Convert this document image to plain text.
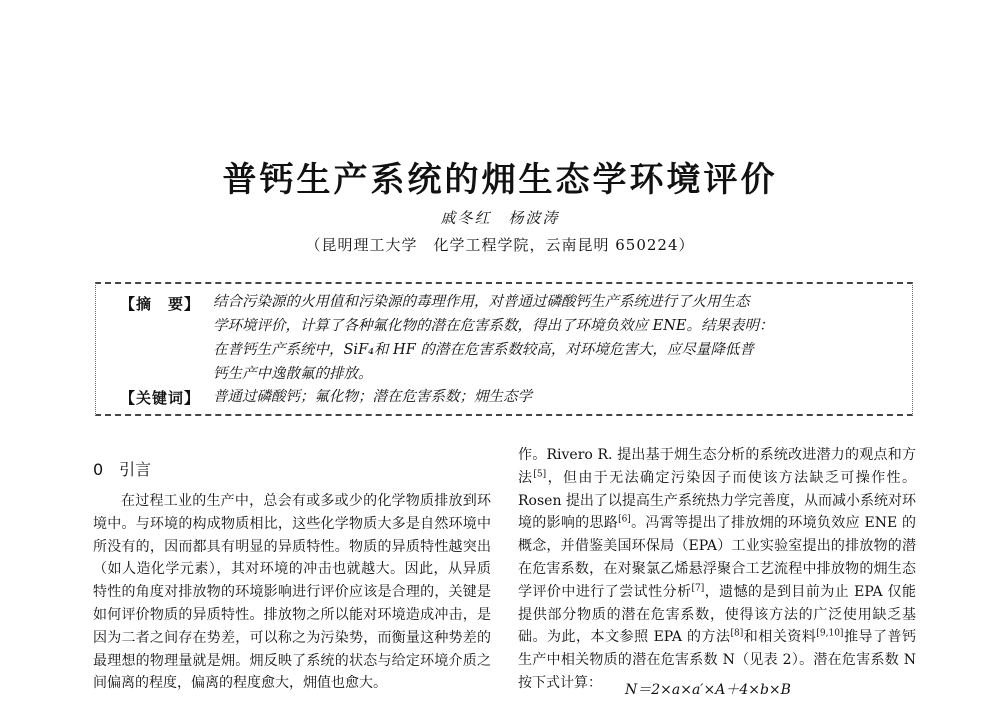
普钙生产系统的㶲生态学环境评价
戚冬红　杨波涛
（昆明理工大学　化学工程学院，云南昆明 650224）
【摘　要】 结合污染源的火用值和污染源的毒理作用，对普通过磷酸钙生产系统进行了火用生态
学环境评价，计算了各种氟化物的潜在危害系数，得出了环境负效应 ENE。结果表明：
在普钙生产系统中，SiF₄和 HF 的潜在危害系数较高，对环境危害大，应尽量降低普
钙生产中逸散氟的排放。
【关键词】 普通过磷酸钙；氟化物；潜在危害系数；㶲生态学
0　引言

在过程工业的生产中，总会有或多或少的化学物质排放到环境中。与环境的构成物质相比，这些化学物质大多是自然环境中所没有的，因而都具有明显的异质特性。物质的异质特性越突出（如人造化学元素），其对环境的冲击也就越大。因此，从异质特性的角度对排放物的环境影响进行评价应该是合理的，关键是如何评价物质的异质特性。排放物之所以能对环境造成冲击，是因为二者之间存在势差，可以称之为污染势，而衡量这种势差的最理想的物理量就是㶲。㶲反映了系统的状态与给定环境介质之间偏离的程度，偏离的程度愈大，㶲值也愈大。

作。Rivero R. 提出基于㶲生态分析的系统改进潜力的观点和方法[5]，但由于无法确定污染因子而使该方法缺乏可操作性。Rosen 提出了以提高生产系统热力学完善度，从而减小系统对环境的影响的思路[6]。冯霄等提出了排放㶲的环境负效应 ENE 的概念，并借鉴美国环保局（EPA）工业实验室提出的排放物的潜在危害系数，在对聚氯乙烯悬浮聚合工艺流程中排放物的㶲生态学评价中进行了尝试性分析[7]，遗憾的是到目前为止 EPA 仅能提供部分物质的潜在危害系数，使得该方法的广泛使用缺乏基础。为此，本文参照 EPA 的方法[8]和相关资料[9,10]推导了普钙生产中相关物质的潜在危害系数 N（见表 2）。潜在危害系数 N 按下式计算：	N＝2×a×a′×A＋4×b×B
